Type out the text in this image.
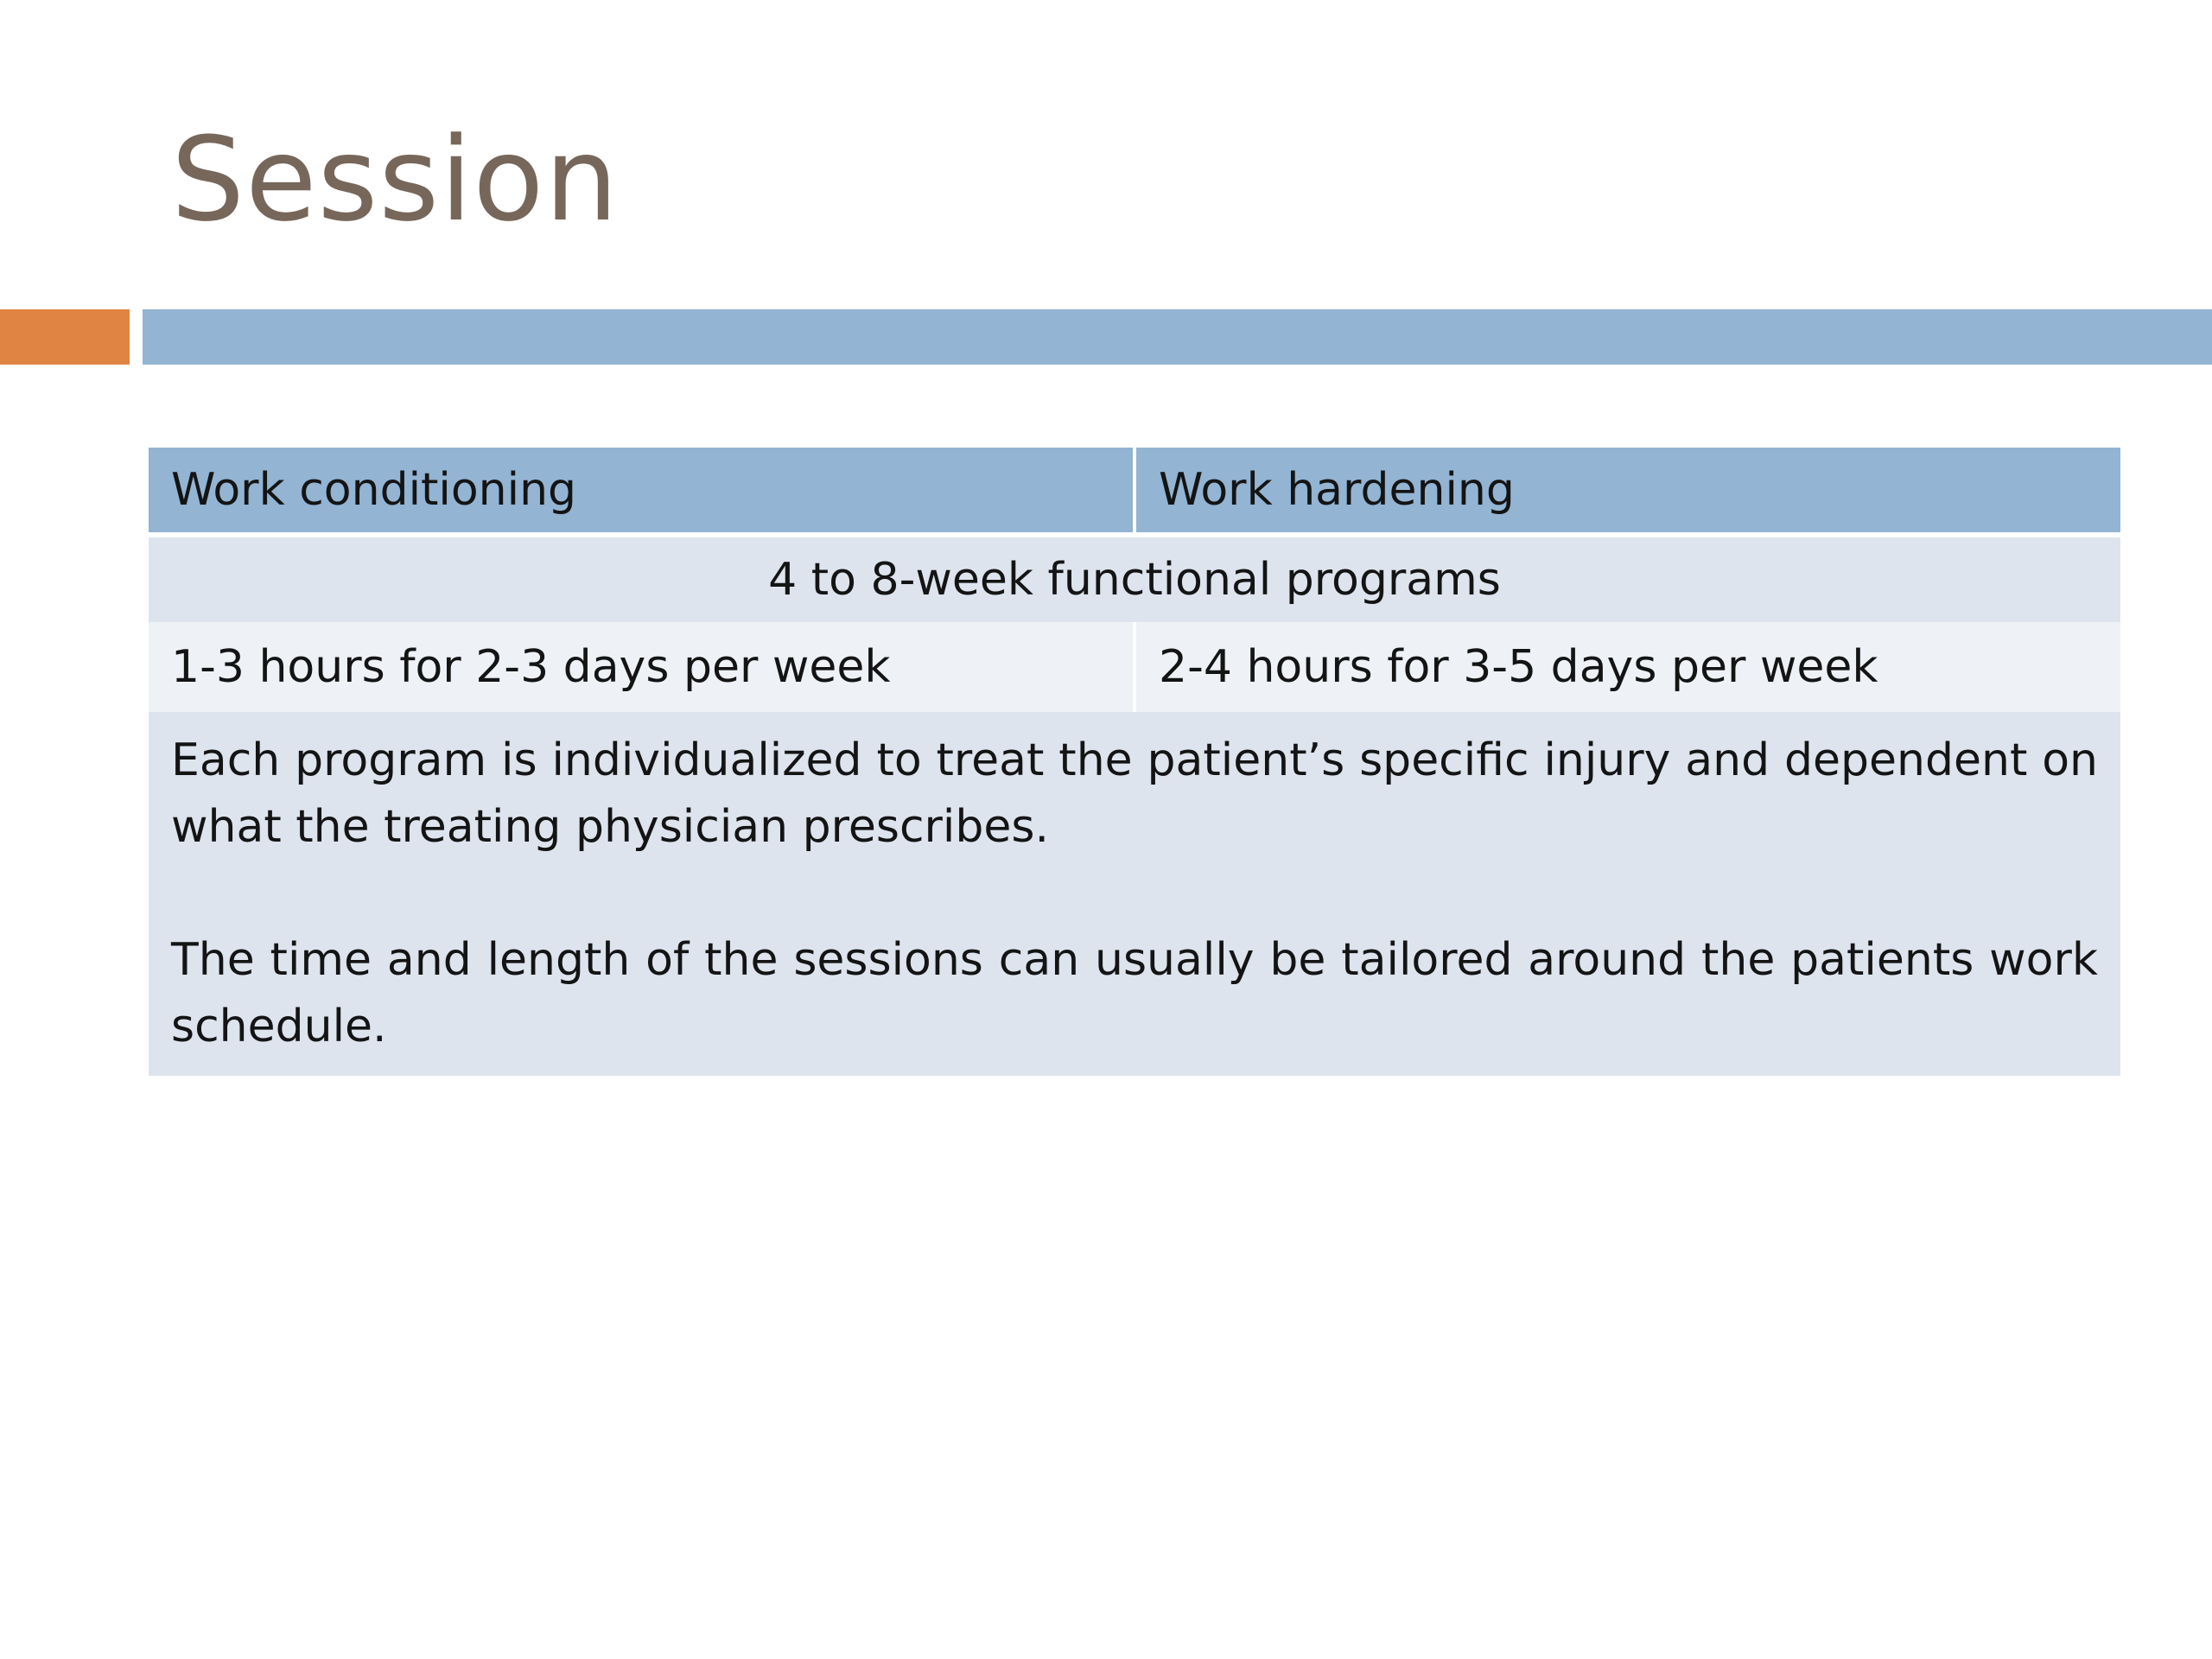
Session
Work conditioning	Work hardening

4 to 8-week functional programs	
1-3 hours for 2-3 days per week	2-4 hours for 3-5 days per week

Each program is individualized to treat the patient’s specific injury and dependent on what the treating physician prescribes.

The time and length of the sessions can usually be tailored around the patients work schedule.	
